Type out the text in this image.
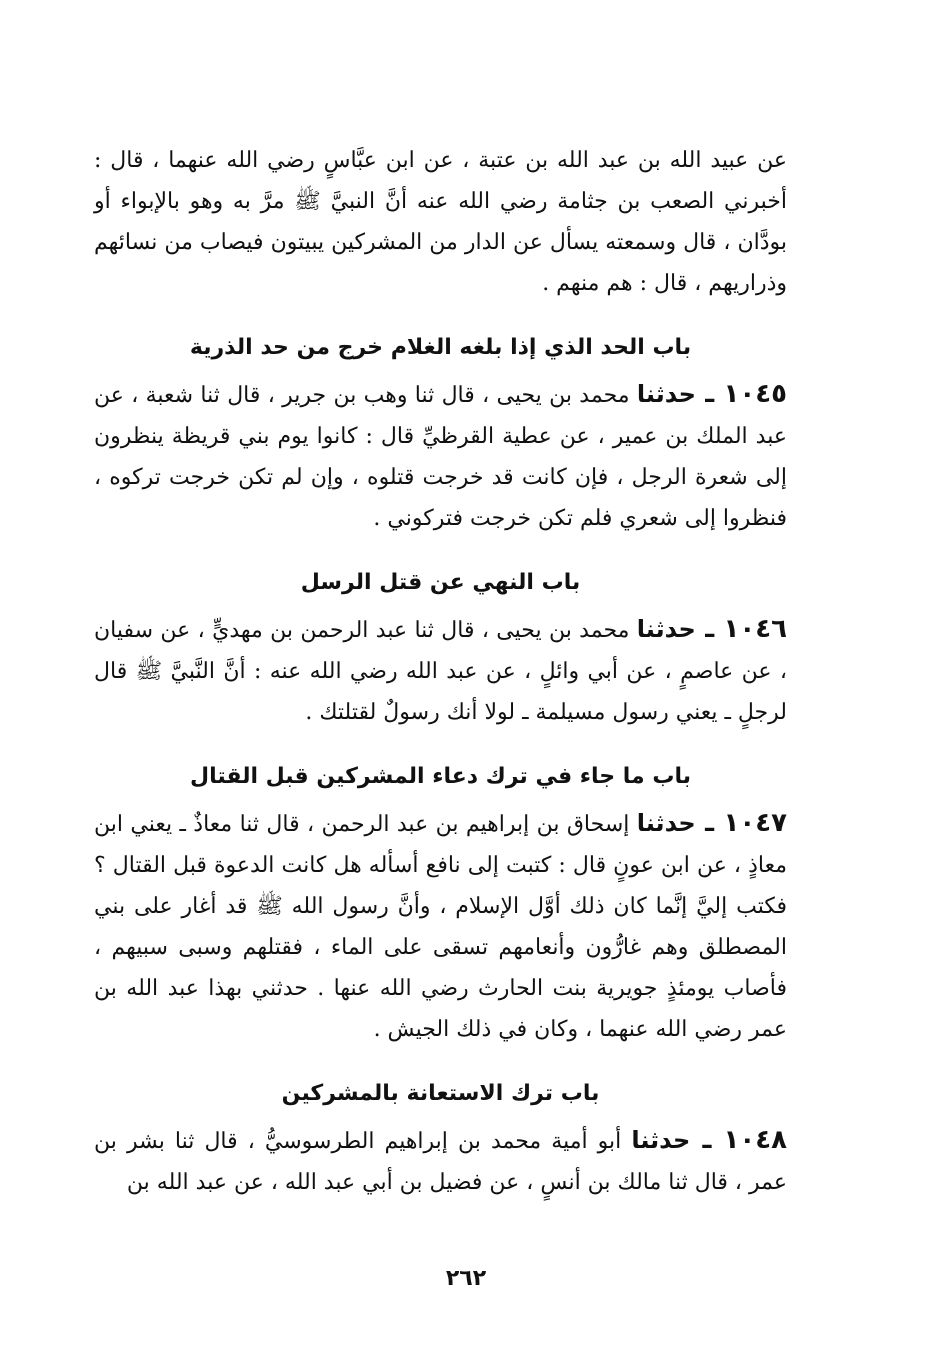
عن عبيد الله بن عبد الله بن عتبة ، عن ابن عبَّاسٍ رضي الله عنهما ، قال : أخبرني الصعب بن جثامة رضي الله عنه أنَّ النبيَّ ﷺ مرَّ به وهو بالإبواء أو بودَّان ، قال وسمعته يسأل عن الدار من المشركين يبيتون فيصاب من نسائهم وذراريهم ، قال : هم منهم .

باب الحد الذي إذا بلغه الغلام خرج من حد الذرية

١٠٤٥ ـ حدثنا محمد بن يحيى ، قال ثنا وهب بن جرير ، قال ثنا شعبة ، عن عبد الملك بن عمير ، عن عطية القرظيِّ قال : كانوا يوم بني قريظة ينظرون إلى شعرة الرجل ، فإن كانت قد خرجت قتلوه ، وإن لم تكن خرجت تركوه ، فنظروا إلى شعري فلم تكن خرجت فتركوني .

باب النهي عن قتل الرسل

١٠٤٦ ـ حدثنا محمد بن يحيى ، قال ثنا عبد الرحمن بن مهديٍّ ، عن سفيان ، عن عاصمٍ ، عن أبي وائلٍ ، عن عبد الله رضي الله عنه : أنَّ النَّبيَّ ﷺ قال لرجلٍ ـ يعني رسول مسيلمة ـ لولا أنك رسولٌ لقتلتك .

باب ما جاء في ترك دعاء المشركين قبل القتال

١٠٤٧ ـ حدثنا إسحاق بن إبراهيم بن عبد الرحمن ، قال ثنا معاذٌ ـ يعني ابن معاذٍ ، عن ابن عونٍ قال : كتبت إلى نافع أسأله هل كانت الدعوة قبل القتال ؟ فكتب إليَّ إنَّما كان ذلك أوَّل الإسلام ، وأنَّ رسول الله ﷺ قد أغار على بني المصطلق وهم غارُّون وأنعامهم تسقى على الماء ، فقتلهم وسبى سبيهم ، فأصاب يومئذٍ جويرية بنت الحارث رضي الله عنها . حدثني بهذا عبد الله بن عمر رضي الله عنهما ، وكان في ذلك الجيش .

باب ترك الاستعانة بالمشركين

١٠٤٨ ـ حدثنا أبو أمية محمد بن إبراهيم الطرسوسيُّ ، قال ثنا بشر بن عمر ، قال ثنا مالك بن أنسٍ ، عن فضيل بن أبي عبد الله ، عن عبد الله بن

٢٦٢
